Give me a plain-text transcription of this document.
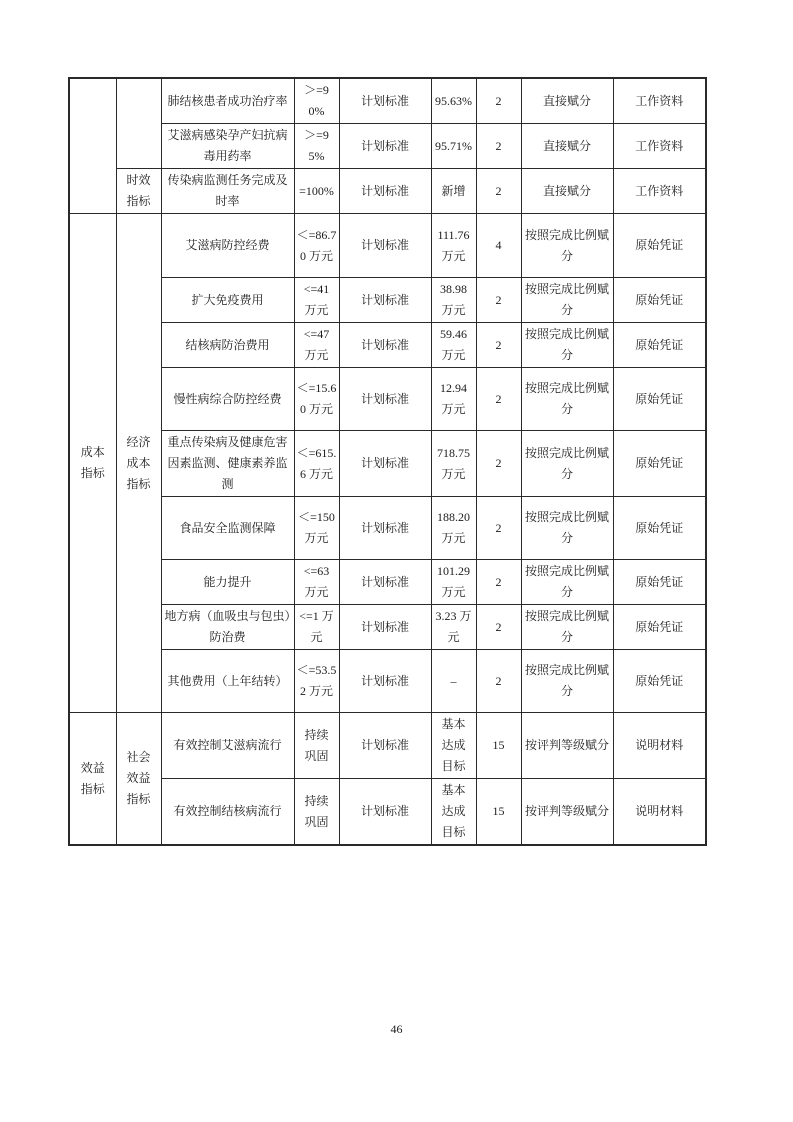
		肺结核患者成功治疗率	＞=90%	计划标准	95.63%	2	直接赋分	工作资料
		艾滋病感染孕产妇抗病毒用药率	＞=95%	计划标准	95.71%	2	直接赋分	工作资料
	时效指标	传染病监测任务完成及时率	=100%	计划标准	新增	2	直接赋分	工作资料
成本指标	经济成本指标	艾滋病防控经费	＜=86.70 万元	计划标准	111.76 万元	4	按照完成比例赋分	原始凭证
		扩大免疫费用	<=41 万元	计划标准	38.98 万元	2	按照完成比例赋分	原始凭证
		结核病防治费用	<=47 万元	计划标准	59.46 万元	2	按照完成比例赋分	原始凭证
		慢性病综合防控经费	＜=15.60 万元	计划标准	12.94 万元	2	按照完成比例赋分	原始凭证
		重点传染病及健康危害因素监测、健康素养监测	＜=615.6 万元	计划标准	718.75 万元	2	按照完成比例赋分	原始凭证
		食品安全监测保障	＜=150 万元	计划标准	188.20 万元	2	按照完成比例赋分	原始凭证
		能力提升	<=63 万元	计划标准	101.29 万元	2	按照完成比例赋分	原始凭证
		地方病（血吸虫与包虫）防治费	<=1 万元	计划标准	3.23 万元	2	按照完成比例赋分	原始凭证
		其他费用（上年结转）	＜=53.52 万元	计划标准	–	2	按照完成比例赋分	原始凭证
效益指标	社会效益指标	有效控制艾滋病流行	持续巩固	计划标准	基本达成目标	15	按评判等级赋分	说明材料
		有效控制结核病流行	持续巩固	计划标准	基本达成目标	15	按评判等级赋分	说明材料
46
